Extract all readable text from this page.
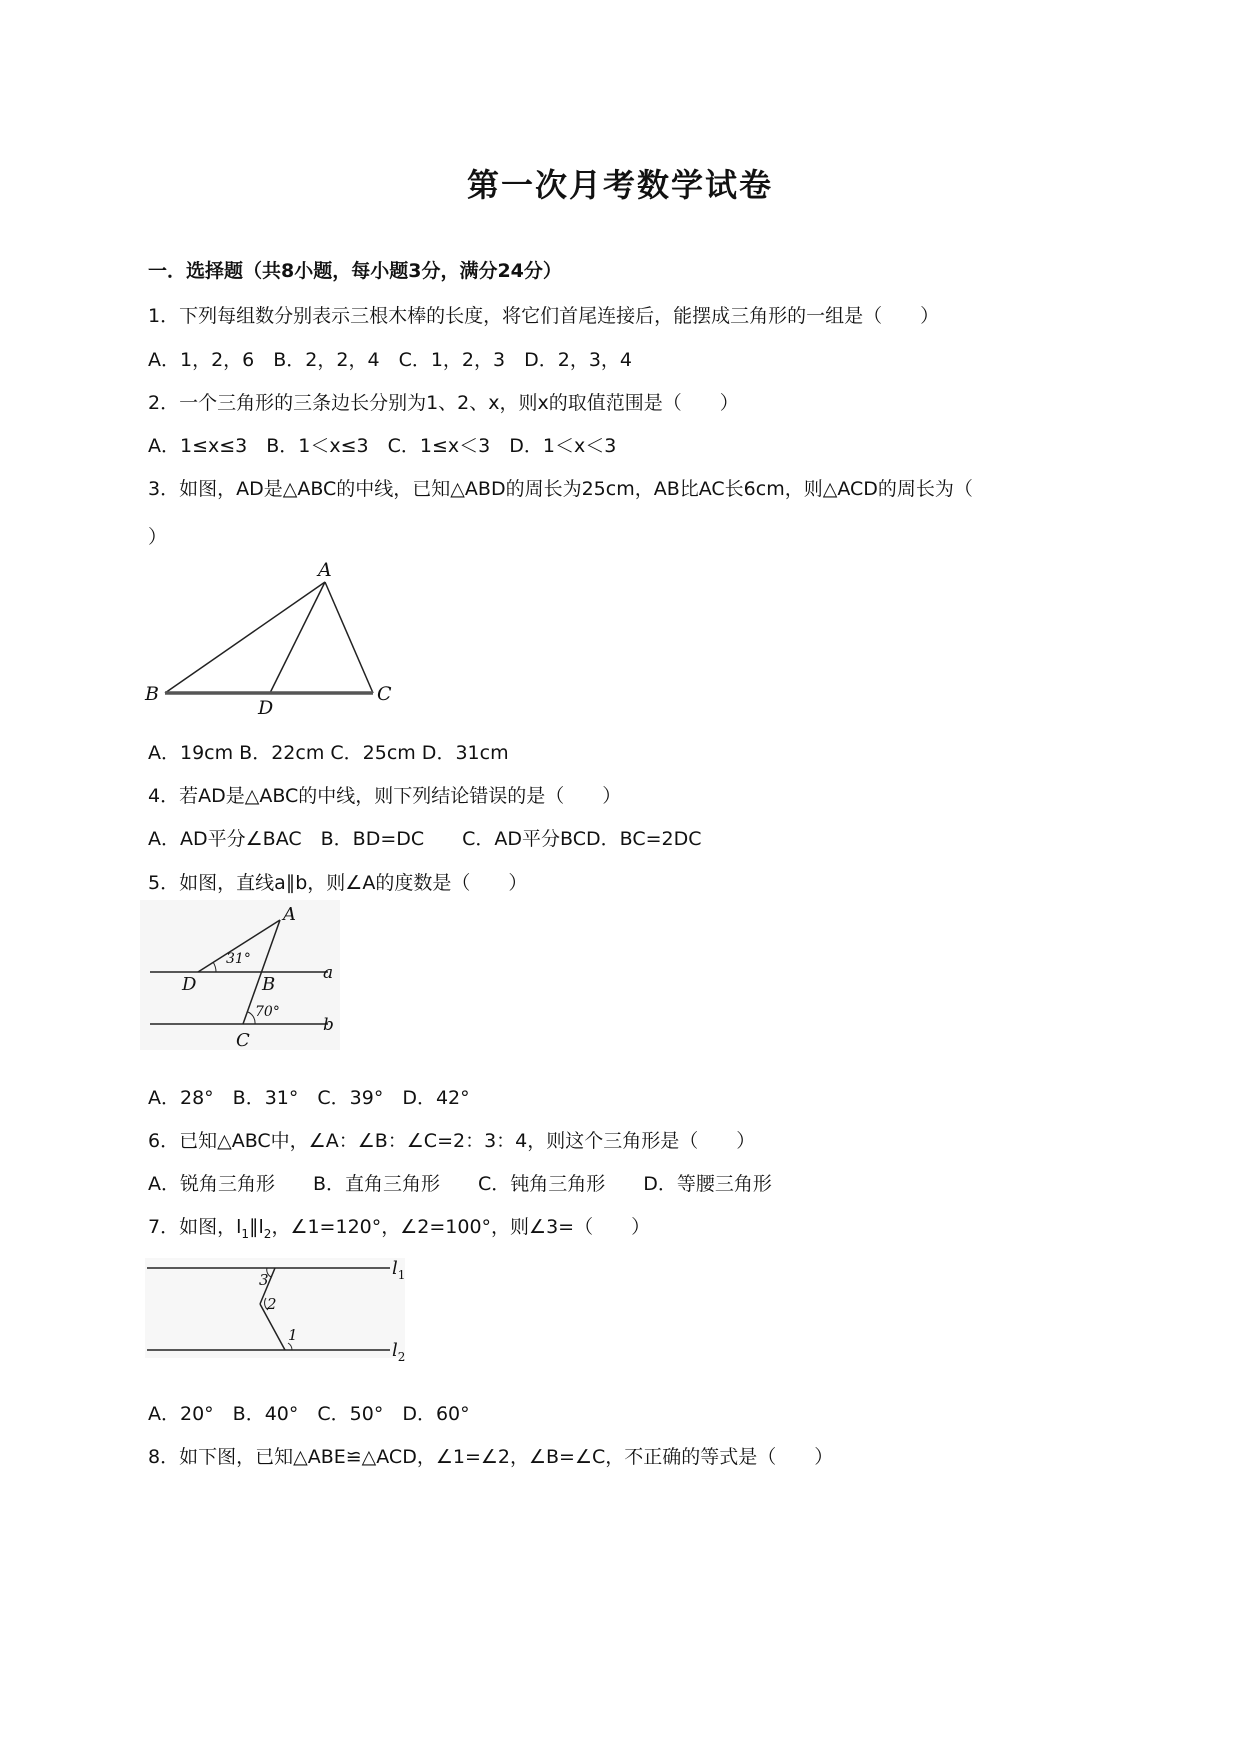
第一次月考数学试卷
一．选择题（共8小题，每小题3分，满分24分）
1．下列每组数分别表示三根木棒的长度，将它们首尾连接后，能摆成三角形的一组是（　　）
A．1，2，6　B．2，2，4　C．1，2，3　D．2，3，4
2．一个三角形的三条边长分别为1、2、x，则x的取值范围是（　　）
A．1≤x≤3　B．1＜x≤3　C．1≤x＜3　D．1＜x＜3
3．如图，AD是△ABC的中线，已知△ABD的周长为25cm，AB比AC长6cm，则△ACD的周长为（
）
A
B	C
D
A．19cm B．22cm C．25cm D．31cm
4．若AD是△ABC的中线，则下列结论错误的是（　　）
A．AD平分∠BAC　B．BD=DC　　C．AD平分BCD．BC=2DC
5．如图，直线a∥b，则∠A的度数是（　　）
A
D	B
C
a
b
31°
70°
A．28°　B．31°　C．39°　D．42°
6．已知△ABC中，∠A：∠B：∠C=2：3：4，则这个三角形是（　　）
A．锐角三角形　　B．直角三角形　　C．钝角三角形　　D．等腰三角形
7．如图，$l_1\parallel l_2$，∠1=120°，∠2=100°，则∠3=（　　）
3
2
1
$l_1$
$l_2$
A．20°　B．40°　C．50°　D．60°
8．如下图，已知△ABE≌△ACD，∠1=∠2，∠B=∠C，不正确的等式是（　　）
